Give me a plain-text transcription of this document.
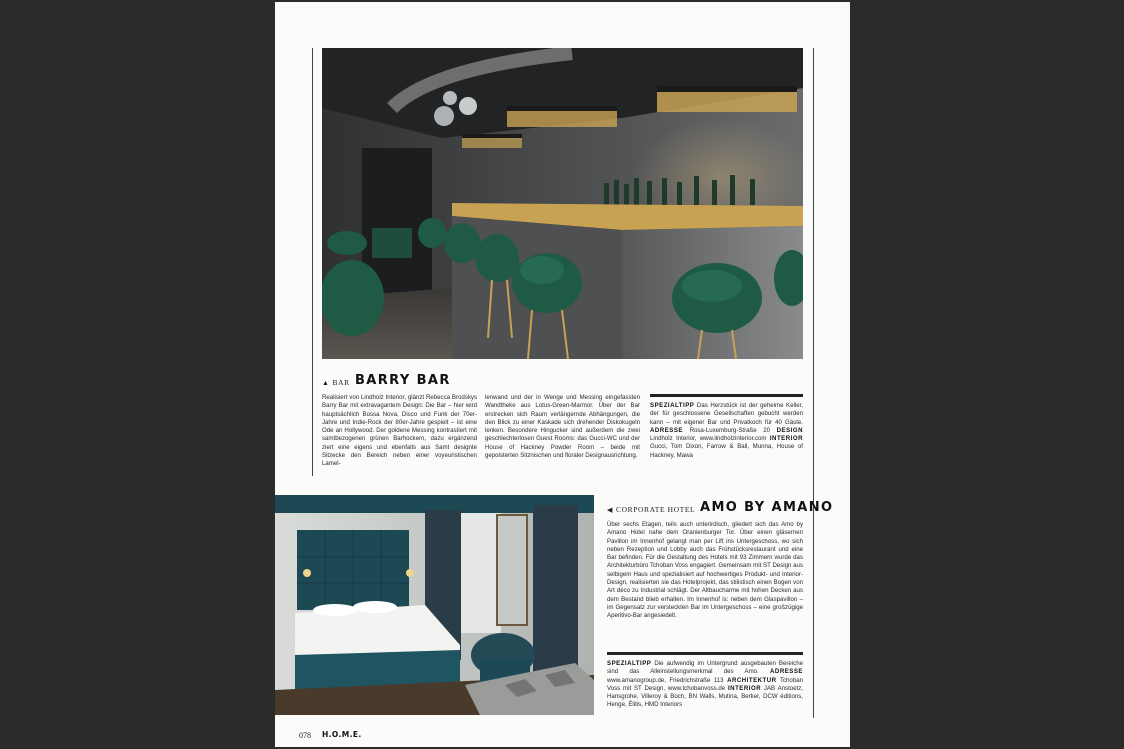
▲ BAR BARRY BAR
Realisiert von Lindholz Interior, glänzt Rebecca Brodskys Barry Bar mit extravagantem Design: Die Bar – hier wird hauptsächlich Bossa Nova, Disco und Funk der 70er-Jahre und Indie-Rock der 80er-Jahre gespielt – ist eine Ode an Hollywood. Der goldene Messing kontrastiert mit samtbezogenen grünen Barhockern, dazu ergänzend ziert eine eigens und ebenfalls aus Samt designte Sitzecke den Bereich neben einer voyeuristischen Lamel-
lenwand und der in Wenge und Messing eingefassten Wandtheke aus Lotus-Green-Marmor. Über der Bar erstrecken sich Raum verlängernde Abhängungen, die den Blick zu einer Kaskade sich drehender Diskokugeln lenken. Besondere Hingucker sind außerdem die zwei geschlechterlosen Guest Rooms: das Gucci-WC und der House of Hackney Powder Room – beide mit gepolsterten Sitznischen und floraler Designausrichtung.
SPEZIALTIPP Das Herzstück ist der geheime Keller, der für geschlossene Gesellschaften gebucht werden kann – mit eigener Bar und Privatkoch für 40 Gäste. ADRESSE Rosa-Luxemburg-Straße 20 DESIGN Lindholz Interior, www.lindholzinterior.com INTERIOR Gucci, Tom Dixon, Farrow & Ball, Munna, House of Hackney, Mawa
◀ CORPORATE HOTEL AMO BY AMANO
Über sechs Etagen, teils auch unterirdisch, gliedert sich das Amo by Amano Hotel nahe dem Oranienburger Tor. Über einen gläsernen Pavillon im Innenhof gelangt man per Lift ins Untergeschoss, wo sich neben Rezeption und Lobby auch das Frühstücksrestaurant und eine Bar befinden. Für die Gestaltung des Hotels mit 93 Zimmern wurde das Architekturbüro Tchoban Voss engagiert. Gemeinsam mit ST Design aus selbigem Haus und spezialisiert auf hochwertiges Produkt- und Interior-Design, realisierten sie das Hotelprojekt, das stilistisch einen Bogen von Art déco zu Industrial schlägt. Der Altbaucharme mit hohen Decken aus dem Bestand blieb erhalten. Im Innenhof is: neben dem Glaspavillon – im Gegensatz zur versteckten Bar im Untergeschoss – eine großzügige Aperitivo-Bar angesiedelt.
SPEZIALTIPP Die aufwendig im Untergrund ausgebauten Bereiche sind das Alleinstellungsmerkmal des Amo. ADRESSE www.amanogroup.de, Friedrichstraße 113 ARCHITEKTUR Tchoban Voss mit ST Design, www.tchobanvoss.de INTERIOR JAB Anstoetz, Hansgrohe, Villeroy & Boch, BN Walls, Mutina, Berker, DCW éditions, Henge, Élitis, HMD Interiors
078 H.O.M.E.
